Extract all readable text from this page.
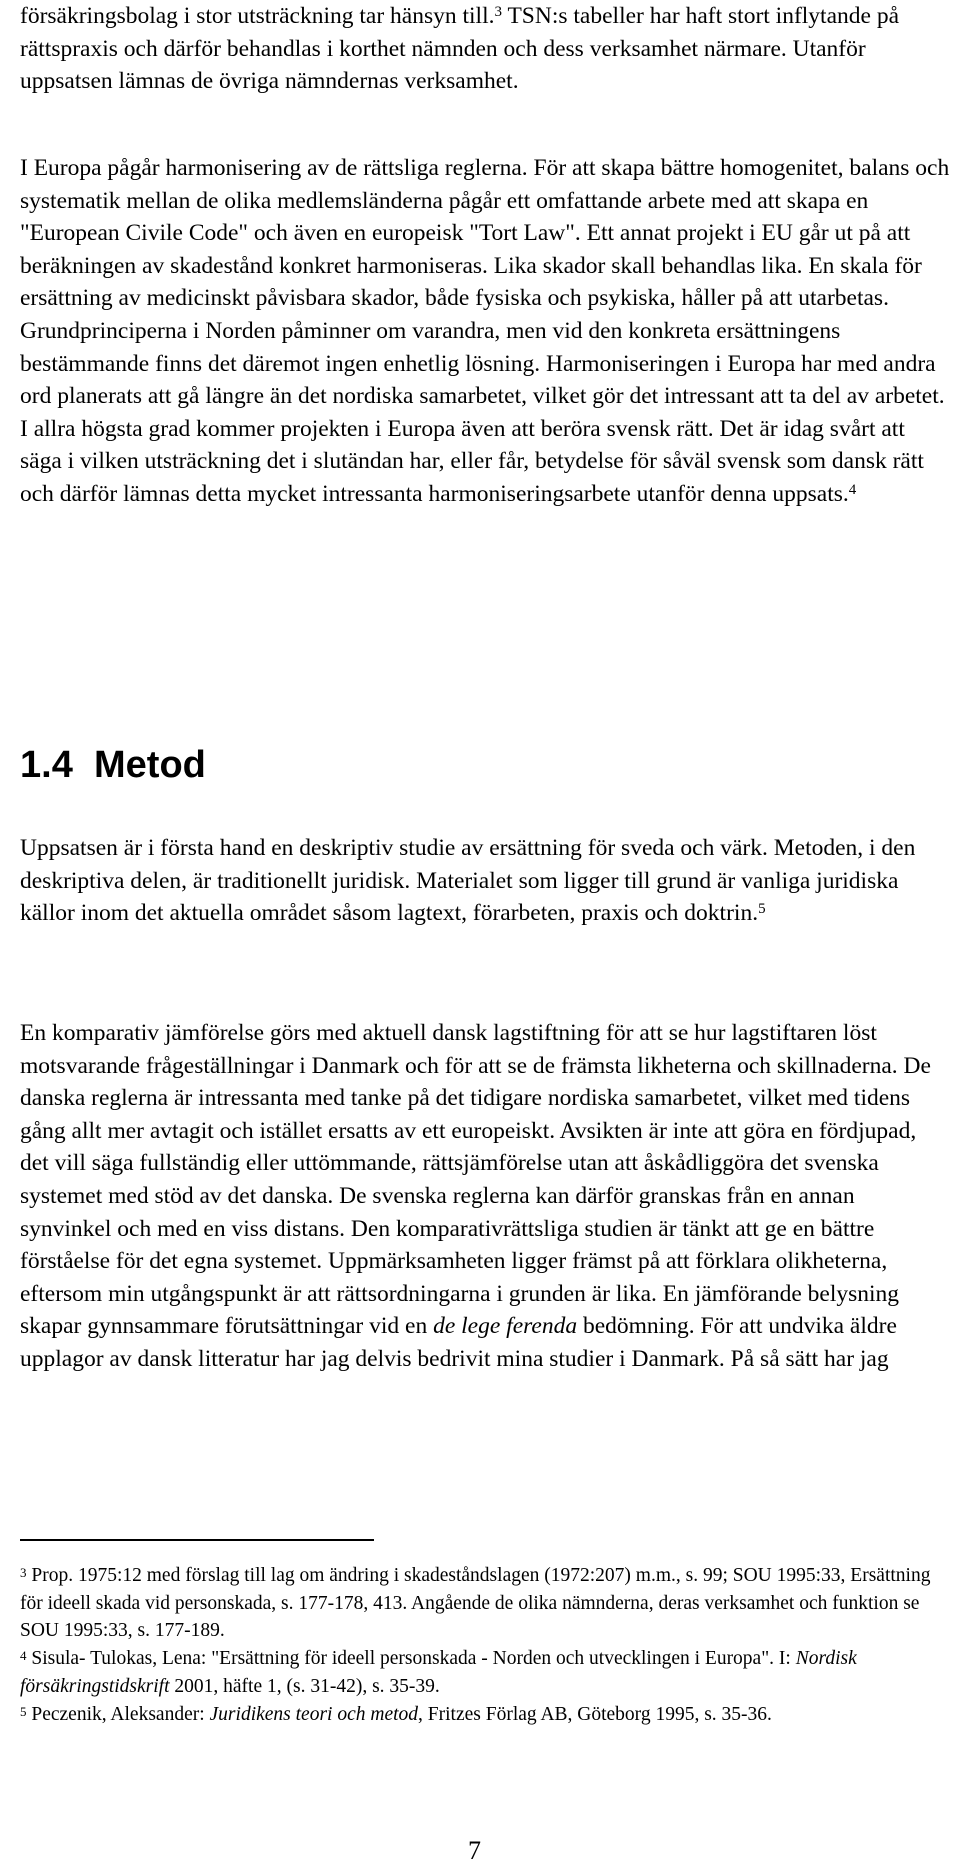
försäkringsbolag i stor utsträckning tar hänsyn till.$^3$ TSN:s tabeller har haft stort inflytande på rättspraxis och därför behandlas i korthet nämnden och dess verksamhet närmare. Utanför uppsatsen lämnas de övriga nämndernas verksamhet.

I Europa pågår harmonisering av de rättsliga reglerna. För att skapa bättre homogenitet, balans och systematik mellan de olika medlemsländerna pågår ett omfattande arbete med att skapa en "European Civile Code" och även en europeisk "Tort Law". Ett annat projekt i EU går ut på att beräkningen av skadestånd konkret harmoniseras. Lika skador skall behandlas lika. En skala för ersättning av medicinskt påvisbara skador, både fysiska och psykiska, håller på att utarbetas. Grundprinciperna i Norden påminner om varandra, men vid den konkreta ersättningens bestämmande finns det däremot ingen enhetlig lösning. Harmoniseringen i Europa har med andra ord planerats att gå längre än det nordiska samarbetet, vilket gör det intressant att ta del av arbetet. I allra högsta grad kommer projekten i Europa även att beröra svensk rätt. Det är idag svårt att säga i vilken utsträckning det i slutändan har, eller får, betydelse för såväl svensk som dansk rätt och därför lämnas detta mycket intressanta harmoniseringsarbete utanför denna uppsats.$^4$

1.4 Metod

Uppsatsen är i första hand en deskriptiv studie av ersättning för sveda och värk. Metoden, i den deskriptiva delen, är traditionellt juridisk. Materialet som ligger till grund är vanliga juridiska källor inom det aktuella området såsom lagtext, förarbeten, praxis och doktrin.$^5$

En komparativ jämförelse görs med aktuell dansk lagstiftning för att se hur lagstiftaren löst motsvarande frågeställningar i Danmark och för att se de främsta likheterna och skillnaderna. De danska reglerna är intressanta med tanke på det tidigare nordiska samarbetet, vilket med tidens gång allt mer avtagit och istället ersatts av ett europeiskt. Avsikten är inte att göra en fördjupad, det vill säga fullständig eller uttömmande, rättsjämförelse utan att åskådliggöra det svenska systemet med stöd av det danska. De svenska reglerna kan därför granskas från en annan synvinkel och med en viss distans. Den komparativrättsliga studien är tänkt att ge en bättre förståelse för det egna systemet. Uppmärksamheten ligger främst på att förklara olikheterna, eftersom min utgångspunkt är att rättsordningarna i grunden är lika. En jämförande belysning skapar gynnsammare förutsättningar vid en de lege ferenda bedömning. För att undvika äldre upplagor av dansk litteratur har jag delvis bedrivit mina studier i Danmark. På så sätt har jag

$^3$ Prop. 1975:12 med förslag till lag om ändring i skadeståndslagen (1972:207) m.m., s. 99; SOU 1995:33, Ersättning för ideell skada vid personskada, s. 177-178, 413. Angående de olika nämnderna, deras verksamhet och funktion se SOU 1995:33, s. 177-189.
$^4$ Sisula- Tulokas, Lena: "Ersättning för ideell personskada - Norden och utvecklingen i Europa". I: Nordisk försäkringstidskrift 2001, häfte 1, (s. 31-42), s. 35-39.
$^5$ Peczenik, Aleksander: Juridikens teori och metod, Fritzes Förlag AB, Göteborg 1995, s. 35-36.
7
